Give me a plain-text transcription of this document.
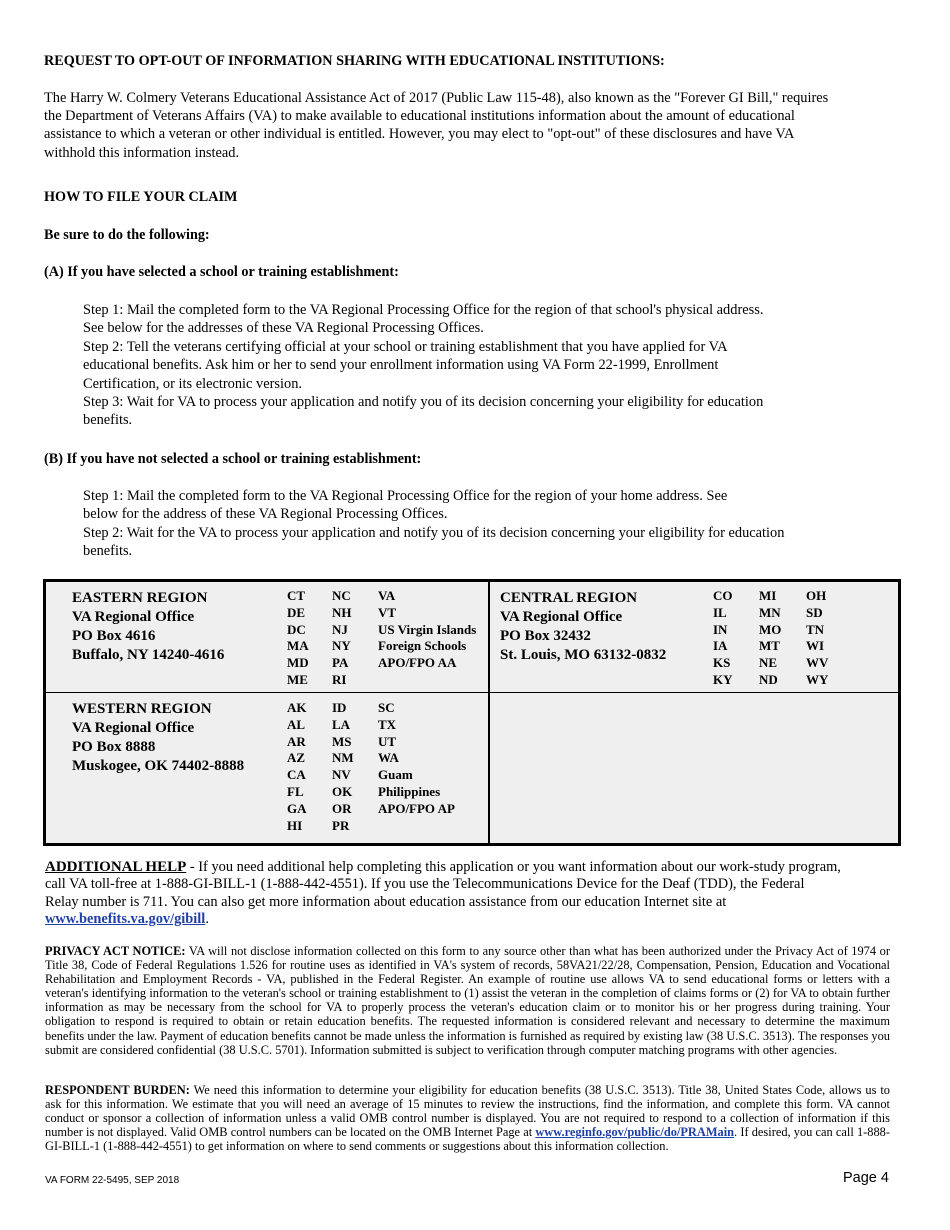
REQUEST TO OPT-OUT OF INFORMATION SHARING WITH EDUCATIONAL INSTITUTIONS:
The Harry W. Colmery Veterans Educational Assistance Act of 2017 (Public Law 115-48), also known as the "Forever GI Bill," requires
the Department of Veterans Affairs (VA) to make available to educational institutions information about the amount of educational
assistance to which a veteran or other individual is entitled. However, you may elect to "opt-out" of these disclosures and have VA
withhold this information instead.
HOW TO FILE YOUR CLAIM
Be sure to do the following:
(A) If you have selected a school or training establishment:
Step 1: Mail the completed form to the VA Regional Processing Office for the region of that school's physical address.
See below for the addresses of these VA Regional Processing Offices.
Step 2: Tell the veterans certifying official at your school or training establishment that you have applied for VA
educational benefits. Ask him or her to send your enrollment information using VA Form 22-1999, Enrollment
Certification, or its electronic version.
Step 3: Wait for VA to process your application and notify you of its decision concerning your eligibility for education
benefits.
(B) If you have not selected a school or training establishment:
Step 1: Mail the completed form to the VA Regional Processing Office for the region of your home address. See
below for the address of these VA Regional Processing Offices.
Step 2: Wait for the VA to process your application and notify you of its decision concerning your eligibility for education
benefits.
EASTERN REGION
VA Regional Office
PO Box 4616
Buffalo, NY 14240-4616
CT
DE
DC
MA
MD
ME
NC
NH
NJ
NY
PA
RI
VA
VT
US Virgin Islands
Foreign Schools
APO/FPO AA
CENTRAL REGION
VA Regional Office
PO Box 32432
St. Louis, MO 63132-0832
CO
IL
IN
IA
KS
KY
MI
MN
MO
MT
NE
ND
OH
SD
TN
WI
WV
WY
WESTERN REGION
VA Regional Office
PO Box 8888
Muskogee, OK 74402-8888
AK
AL
AR
AZ
CA
FL
GA
HI
ID
LA
MS
NM
NV
OK
OR
PR
SC
TX
UT
WA
Guam
Philippines
APO/FPO AP
ADDITIONAL HELP - If you need additional help completing this application or you want information about our work-study program,
call VA toll-free at 1-888-GI-BILL-1 (1-888-442-4551). If you use the Telecommunications Device for the Deaf (TDD), the Federal
Relay number is 711. You can also get more information about education assistance from our education Internet site at
www.benefits.va.gov/gibill.
PRIVACY ACT NOTICE: VA will not disclose information collected on this form to any source other than what has been authorized under the Privacy Act of 1974 or Title 38, Code of Federal Regulations 1.526 for routine uses as identified in VA's system of records, 58VA21/22/28, Compensation, Pension, Education and Vocational Rehabilitation and Employment Records - VA, published in the Federal Register. An example of routine use allows VA to send educational forms or letters with a veteran's identifying information to the veteran's school or training establishment to (1) assist the veteran in the completion of claims forms or (2) for VA to obtain further information as may be necessary from the school for VA to properly process the veteran's education claim or to monitor his or her progress during training. Your obligation to respond is required to obtain or retain education benefits. The requested information is considered relevant and necessary to determine the maximum benefits under the law. Payment of education benefits cannot be made unless the information is furnished as required by existing law (38 U.S.C. 3513). The responses you submit are considered confidential (38 U.S.C. 5701). Information submitted is subject to verification through computer matching programs with other agencies.
RESPONDENT BURDEN: We need this information to determine your eligibility for education benefits (38 U.S.C. 3513). Title 38, United States Code, allows us to ask for this information. We estimate that you will need an average of 15 minutes to review the instructions, find the information, and complete this form. VA cannot conduct or sponsor a collection of information unless a valid OMB control number is displayed. You are not required to respond to a collection of information if this number is not displayed. Valid OMB control numbers can be located on the OMB Internet Page at www.reginfo.gov/public/do/PRAMain. If desired, you can call 1-888-GI-BILL-1 (1-888-442-4551) to get information on where to send comments or suggestions about this information collection.
VA FORM 22-5495, SEP 2018	Page 4
